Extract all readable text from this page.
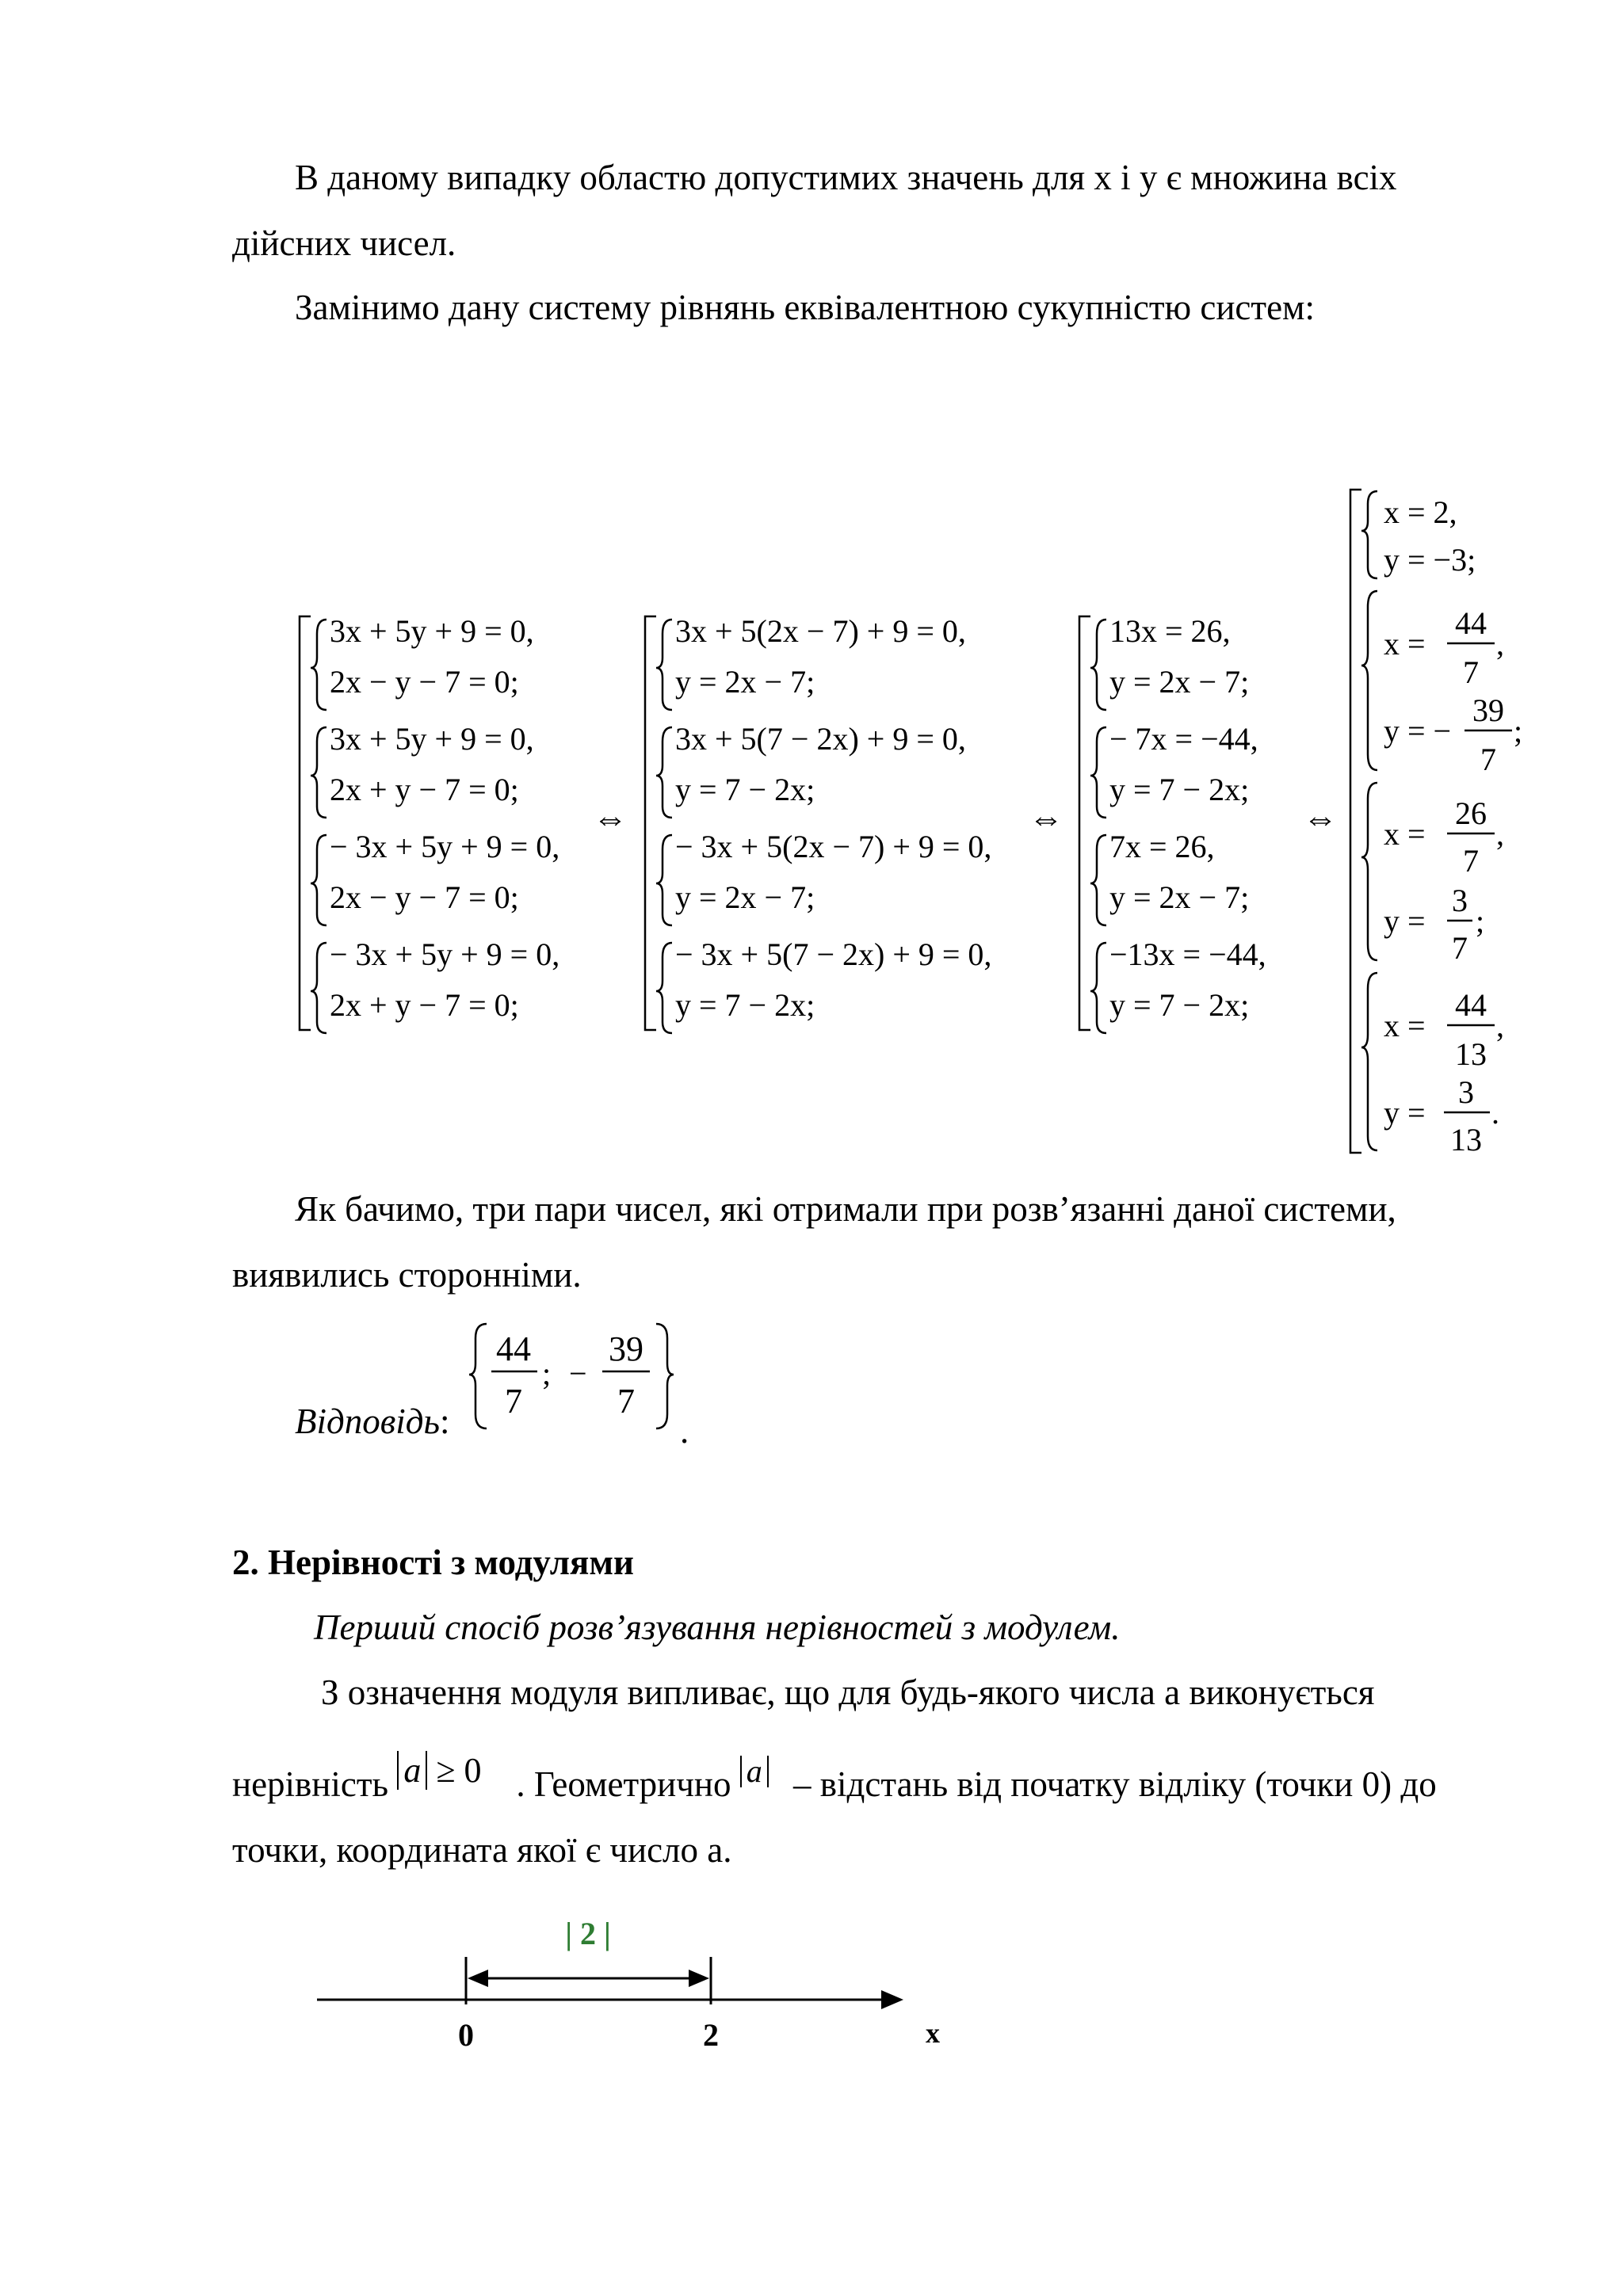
В даному випадку областю допустимих значень для x і y є множина всіх
дійсних чисел.
Замінимо дану систему рівнянь еквівалентною сукупністю систем:
3x + 5y + 9 = 0,
2x − y − 7 = 0;
3x + 5y + 9 = 0,
2x + y − 7 = 0;
− 3x + 5y + 9 = 0,
2x − y − 7 = 0;
− 3x + 5y + 9 = 0,
2x + y − 7 = 0;
⇔
3x + 5(2x − 7) + 9 = 0,
y = 2x − 7;
3x + 5(7 − 2x) + 9 = 0,
y = 7 − 2x;
− 3x + 5(2x − 7) + 9 = 0,
y = 2x − 7;
− 3x + 5(7 − 2x) + 9 = 0,
y = 7 − 2x;
⇔
13x = 26,
y = 2x − 7;
− 7x = −44,
y = 7 − 2x;
7x = 26,
y = 2x − 7;
−13x = −44,
y = 7 − 2x;
⇔
x = 2,
y = −3;
x =
44
7
,
y = −
39
7
;
x =
26
7
,
y =
3
7
;
x =
44
13
,
y =
3
13
.
Як бачимо, три пари чисел, які отримали при розв’язанні даної системи,
виявились сторонніми.
Відповідь:
44
7
; −
39
7
.
2. Нерівності з модулями
Перший спосіб розв’язування нерівностей з модулем.
З означення модуля випливає, що для будь-якого числа a виконується
нерівність a ≥ 0 . Геометрично a – відстань від початку відліку (точки 0) до
точки, координата якої є число a.
| 2 |
0	2	x
